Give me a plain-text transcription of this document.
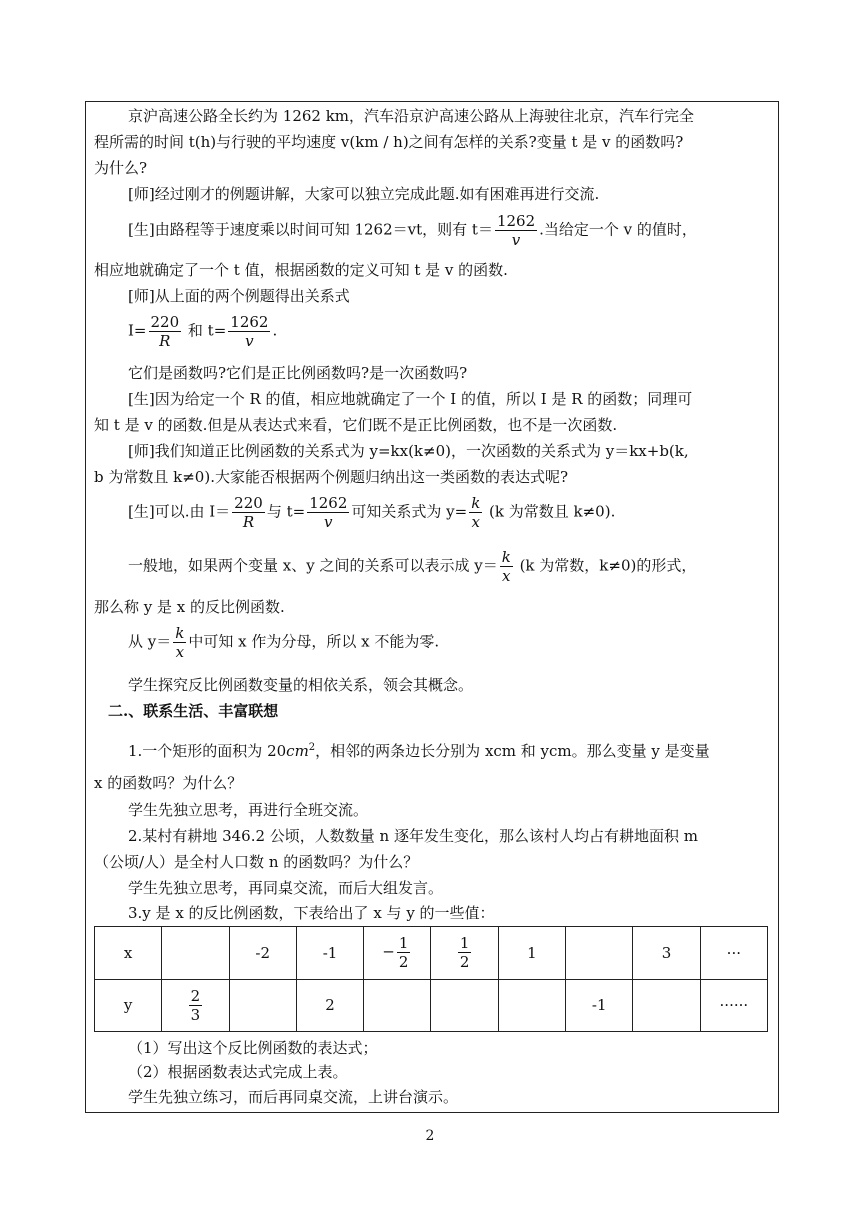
京沪高速公路全长约为 1262 km，汽车沿京沪高速公路从上海驶往北京，汽车行完全
程所需的时间 t(h)与行驶的平均速度 v(km / h)之间有怎样的关系?变量 t 是 v 的函数吗?
为什么?
[师]经过刚才的例题讲解，大家可以独立完成此题.如有困难再进行交流.
[生]由路程等于速度乘以时间可知 1262＝vt，则有 $t= \frac{1262}{v}$ .当给定一个 v 的值时，
相应地就确定了一个 t 值，根据函数的定义可知 t 是 v 的函数.
[师]从上面的两个例题得出关系式
$I= \frac{220}{R}$ 和 $t= \frac{1262}{v}$ .
它们是函数吗?它们是正比例函数吗?是一次函数吗?
[生]因为给定一个 R 的值，相应地就确定了一个 I 的值，所以 I 是 R 的函数；同理可
知 t 是 v 的函数.但是从表达式来看，它们既不是正比例函数，也不是一次函数.
[师]我们知道正比例函数的关系式为 y=kx(k≠0)，一次函数的关系式为 y＝kx+b(k,
b 为常数且 k≠0).大家能否根据两个例题归纳出这一类函数的表达式呢?
[生]可以.由 $I= \frac{220}{R}$ 与 $t= \frac{1262}{v}$ 可知关系式为 $y= \frac{k}{x} (k$ 为常数且 k≠0).
一般地，如果两个变量 x、y 之间的关系可以表示成 $y= \frac{k}{x} (k$ 为常数，k≠0)的形式，
那么称 y 是 x 的反比例函数.
从 $y= \frac{k}{x}$ 中可知 x 作为分母，所以 x 不能为零.
学生探究反比例函数变量的相依关系，领会其概念。
二.、联系生活、丰富联想
1.一个矩形的面积为 $20cm^2$，相邻的两条边长分别为 xcm 和 ycm。那么变量 y 是变量
x 的函数吗？为什么？
学生先独立思考，再进行全班交流。
2.某村有耕地 346.2 公顷，人数数量 n 逐年发生变化，那么该村人均占有耕地面积 m
（公顷/人）是全村人口数 n 的函数吗？为什么？
学生先独立思考，再同桌交流，而后大组发言。
3.y 是 x 的反比例函数，下表给出了 x 与 y 的一些值：
x		-2	-1	− $\frac{1}{2}$	$\frac{1}{2}$	1		3	···
y	$\frac{2}{3}$		2				-1		······
（1）写出这个反比例函数的表达式；
（2）根据函数表达式完成上表。
学生先独立练习，而后再同桌交流，上讲台演示。
2
